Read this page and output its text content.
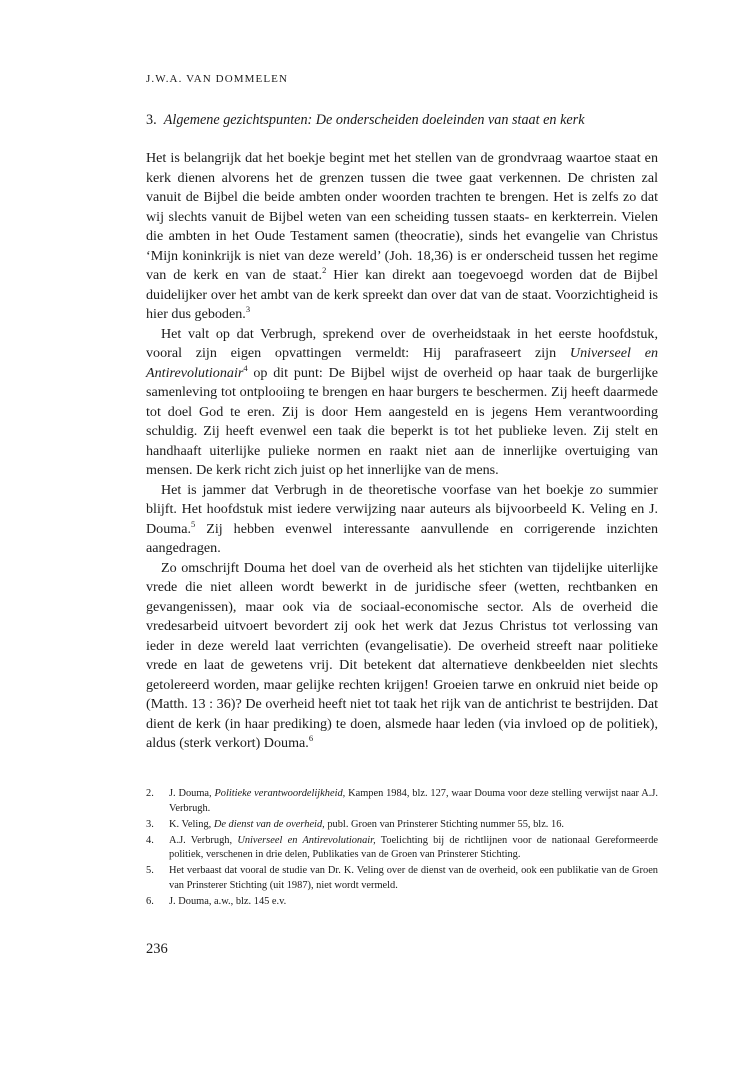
J.W.A. VAN DOMMELEN
3. Algemene gezichtspunten: De onderscheiden doeleinden van staat en kerk

Het is belangrijk dat het boekje begint met het stellen van de grondvraag waartoe staat en kerk dienen alvorens het de grenzen tussen die twee gaat verkennen. De christen zal vanuit de Bijbel die beide ambten onder woorden trachten te brengen. Het is zelfs zo dat wij slechts vanuit de Bijbel weten van een scheiding tussen staats- en kerkterrein. Vielen die ambten in het Oude Testament samen (theocratie), sinds het evangelie van Christus ‘Mijn koninkrijk is niet van deze wereld’ (Joh. 18,36) is er onderscheid tussen het regime van de kerk en van de staat.$^2$ Hier kan direkt aan toegevoegd worden dat de Bijbel duidelijker over het ambt van de kerk spreekt dan over dat van de staat. Voorzichtigheid is hier dus geboden.$^3$

Het valt op dat Verbrugh, sprekend over de overheidstaak in het eerste hoofdstuk, vooral zijn eigen opvattingen vermeldt: Hij parafraseert zijn Universeel en Antirevolutionair$^4$ op dit punt: De Bijbel wijst de overheid op haar taak de burgerlijke samenleving tot ontplooiing te brengen en haar burgers te beschermen. Zij heeft daarmede tot doel God te eren. Zij is door Hem aangesteld en is jegens Hem verantwoording schuldig. Zij heeft evenwel een taak die beperkt is tot het publieke leven. Zij stelt en handhaaft uiterlijke pulieke normen en raakt niet aan de innerlijke overtuiging van mensen. De kerk richt zich juist op het innerlijke van de mens.

Het is jammer dat Verbrugh in de theoretische voorfase van het boekje zo summier blijft. Het hoofdstuk mist iedere verwijzing naar auteurs als bijvoorbeeld K. Veling en J. Douma.$^5$ Zij hebben evenwel interessante aanvullende en corrigerende inzichten aangedragen.

Zo omschrijft Douma het doel van de overheid als het stichten van tijdelijke uiterlijke vrede die niet alleen wordt bewerkt in de juridische sfeer (wetten, rechtbanken en gevangenissen), maar ook via de sociaal-economische sector. Als de overheid die vredesarbeid uitvoert bevordert zij ook het werk dat Jezus Christus tot verlossing van ieder in deze wereld laat verrichten (evangelisatie). De overheid streeft naar politieke vrede en laat de gewetens vrij. Dit betekent dat alternatieve denkbeelden niet slechts getolereerd worden, maar gelijke rechten krijgen! Groeien tarwe en onkruid niet beide op (Matth. 13 : 36)? De overheid heeft niet tot taak het rijk van de antichrist te bestrijden. Dat dient de kerk (in haar prediking) te doen, alsmede haar leden (via invloed op de politiek), aldus (sterk verkort) Douma.$^6$

2.	J. Douma, Politieke verantwoordelijkheid, Kampen 1984, blz. 127, waar Douma voor deze stelling verwijst naar A.J. Verbrugh.
3.	K. Veling, De dienst van de overheid, publ. Groen van Prinsterer Stichting nummer 55, blz. 16.
4.	A.J. Verbrugh, Universeel en Antirevolutionair, Toelichting bij de richtlijnen voor de nationaal Gereformeerde politiek, verschenen in drie delen, Publikaties van de Groen van Prinsterer Stichting.
5.	Het verbaast dat vooral de studie van Dr. K. Veling over de dienst van de overheid, ook een publikatie van de Groen van Prinsterer Stichting (uit 1987), niet wordt vermeld.
6.	J. Douma, a.w., blz. 145 e.v.
236
